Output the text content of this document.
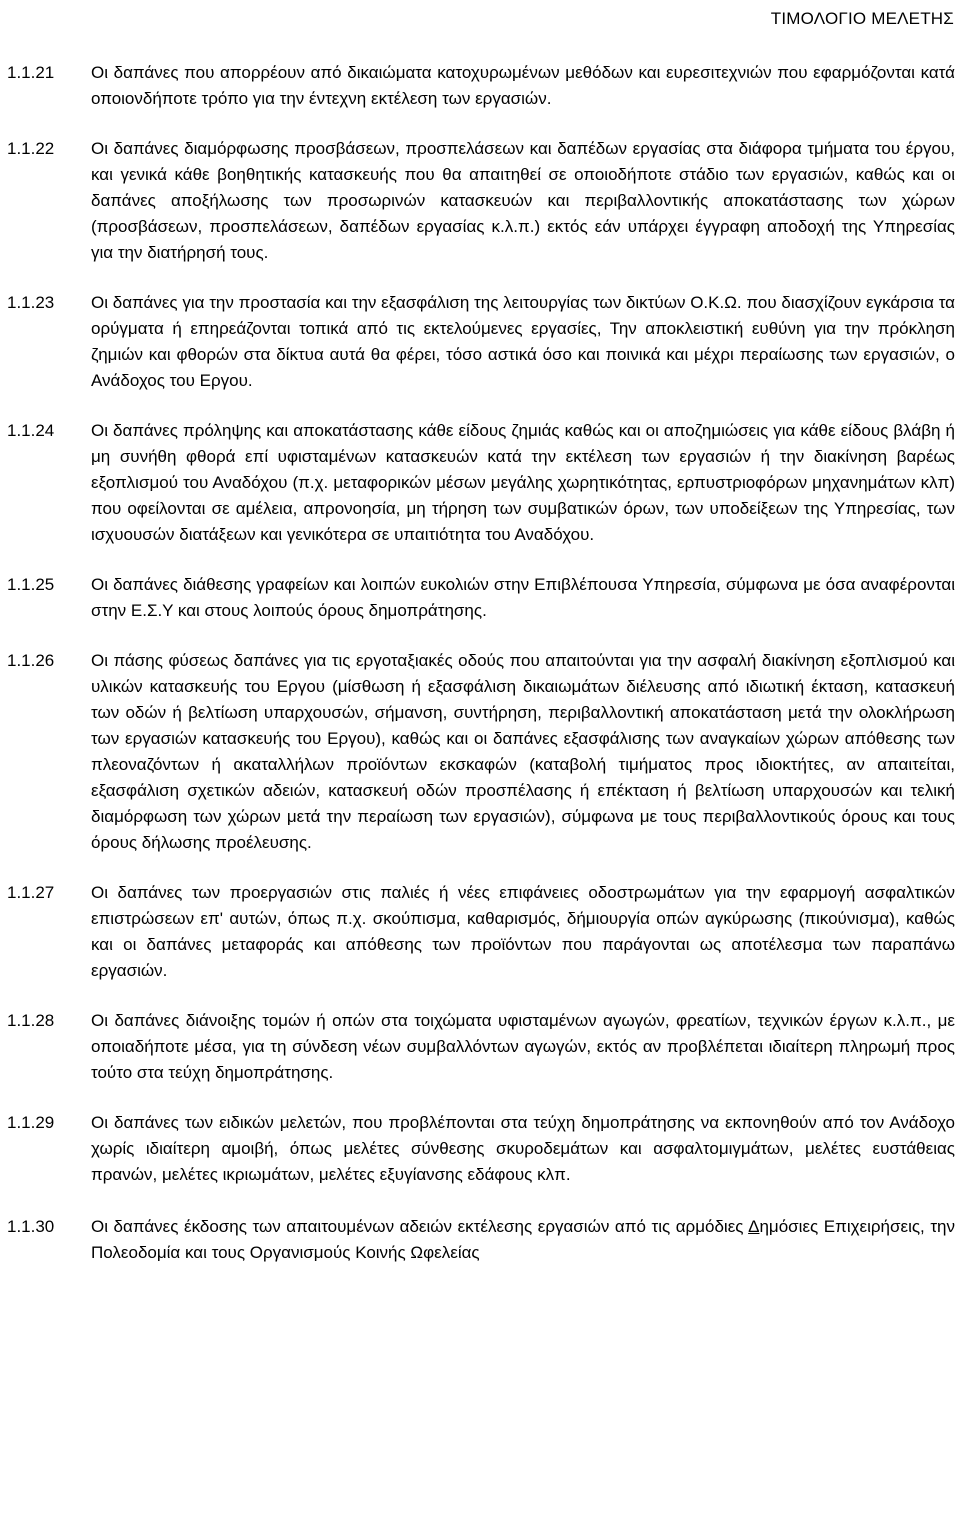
ΤΙΜΟΛΟΓΙΟ ΜΕΛΕΤΗΣ
1.1.21	Οι δαπάνες που απορρέουν από δικαιώματα κατοχυρωμένων μεθόδων και ευρεσιτεχνιών που εφαρμόζονται κατά οποιονδήποτε τρόπο για την έντεχνη εκτέλεση των εργασιών.
1.1.22	Οι δαπάνες διαμόρφωσης προσβάσεων, προσπελάσεων και δαπέδων εργασίας στα διάφορα τμήματα του έργου, και γενικά κάθε βοηθητικής κατασκευής που θα απαιτηθεί σε οποιοδήποτε στάδιο των εργασιών, καθώς και οι δαπάνες αποξήλωσης των προσωρινών κατασκευών και περιβαλλοντικής αποκατάστασης των χώρων (προσβάσεων, προσπελάσεων, δαπέδων εργασίας κ.λ.π.) εκτός εάν υπάρχει έγγραφη αποδοχή της Υπηρεσίας για την διατήρησή τους.
1.1.23	Οι δαπάνες για την προστασία και την εξασφάλιση της λειτουργίας των δικτύων Ο.Κ.Ω. που διασχίζουν εγκάρσια τα ορύγματα ή επηρεάζονται τοπικά από τις εκτελούμενες εργασίες, Την αποκλειστική ευθύνη για την πρόκληση ζημιών και φθορών στα δίκτυα αυτά θα φέρει, τόσο αστικά όσο και ποινικά και μέχρι περαίωσης των εργασιών, ο Ανάδοχος του Εργου.
1.1.24	Οι δαπάνες πρόληψης και αποκατάστασης κάθε είδους ζημιάς καθώς και οι αποζημιώσεις για κάθε είδους βλάβη ή μη συνήθη φθορά επί υφισταμένων κατασκευών κατά την εκτέλεση των εργασιών ή την διακίνηση βαρέως εξοπλισμού του Αναδόχου (π.χ. μεταφορικών μέσων μεγάλης χωρητικότητας, ερπυστριοφόρων μηχανημάτων κλπ) που οφείλονται σε αμέλεια, απρονοησία, μη τήρηση των συμβατικών όρων, των υποδείξεων της Υπηρεσίας, των ισχυουσών διατάξεων και γενικότερα σε υπαιτιότητα του Αναδόχου.
1.1.25	Οι δαπάνες διάθεσης γραφείων και λοιπών ευκολιών στην Επιβλέπουσα Υπηρεσία, σύμφωνα με όσα αναφέρονται στην Ε.Σ.Υ και στους λοιπούς όρους δημοπράτησης.
1.1.26	Οι πάσης φύσεως δαπάνες για τις εργοταξιακές οδούς που απαιτούνται για την ασφαλή διακίνηση εξοπλισμού και υλικών κατασκευής του Εργου (μίσθωση ή εξασφάλιση δικαιωμάτων διέλευσης από ιδιωτική έκταση, κατασκευή των οδών ή βελτίωση υπαρχουσών, σήμανση, συντήρηση, περιβαλλοντική αποκατάσταση μετά την ολοκλήρωση των εργασιών κατασκευής του Εργου), καθώς και οι δαπάνες εξασφάλισης των αναγκαίων χώρων απόθεσης των πλεοναζόντων ή ακαταλλήλων προϊόντων εκσκαφών (καταβολή τιμήματος προς ιδιοκτήτες, αν απαιτείται, εξασφάλιση σχετικών αδειών, κατασκευή οδών προσπέλασης ή επέκταση ή βελτίωση υπαρχουσών και τελική διαμόρφωση των χώρων μετά την περαίωση των εργασιών), σύμφωνα με τους περιβαλλοντικούς όρους και τους όρους δήλωσης προέλευσης.
1.1.27	Οι δαπάνες των προεργασιών στις παλιές ή νέες επιφάνειες οδοστρωμάτων για την εφαρμογή ασφαλτικών επιστρώσεων επ' αυτών, όπως π.χ. σκούπισμα, καθαρισμός, δήμιουργία οπών αγκύρωσης (πικούνισμα), καθώς και οι δαπάνες μεταφοράς και απόθεσης των προϊόντων που παράγονται ως αποτέλεσμα των παραπάνω εργασιών.
1.1.28	Οι δαπάνες διάνοιξης τομών ή οπών στα τοιχώματα υφισταμένων αγωγών, φρεατίων, τεχνικών έργων κ.λ.π., με οποιαδήποτε μέσα, για τη σύνδεση νέων συμβαλλόντων αγωγών, εκτός αν προβλέπεται ιδιαίτερη πληρωμή προς τούτο στα τεύχη δημοπράτησης.
1.1.29	Οι δαπάνες των ειδικών μελετών, που προβλέπονται στα τεύχη δημοπράτησης να εκπονηθούν από τον Ανάδοχο χωρίς ιδιαίτερη αμοιβή, όπως μελέτες σύνθεσης σκυροδεμάτων και ασφαλτομιγμάτων, μελέτες ευστάθειας πρανών, μελέτες ικριωμάτων, μελέτες εξυγίανσης εδάφους κλπ.
1.1.30	Οι δαπάνες έκδοσης των απαιτουμένων αδειών εκτέλεσης εργασιών από τις αρμόδιες Δημόσιες Επιχειρήσεις, την Πολεοδομία και τους Οργανισμούς Κοινής Ωφελείας
